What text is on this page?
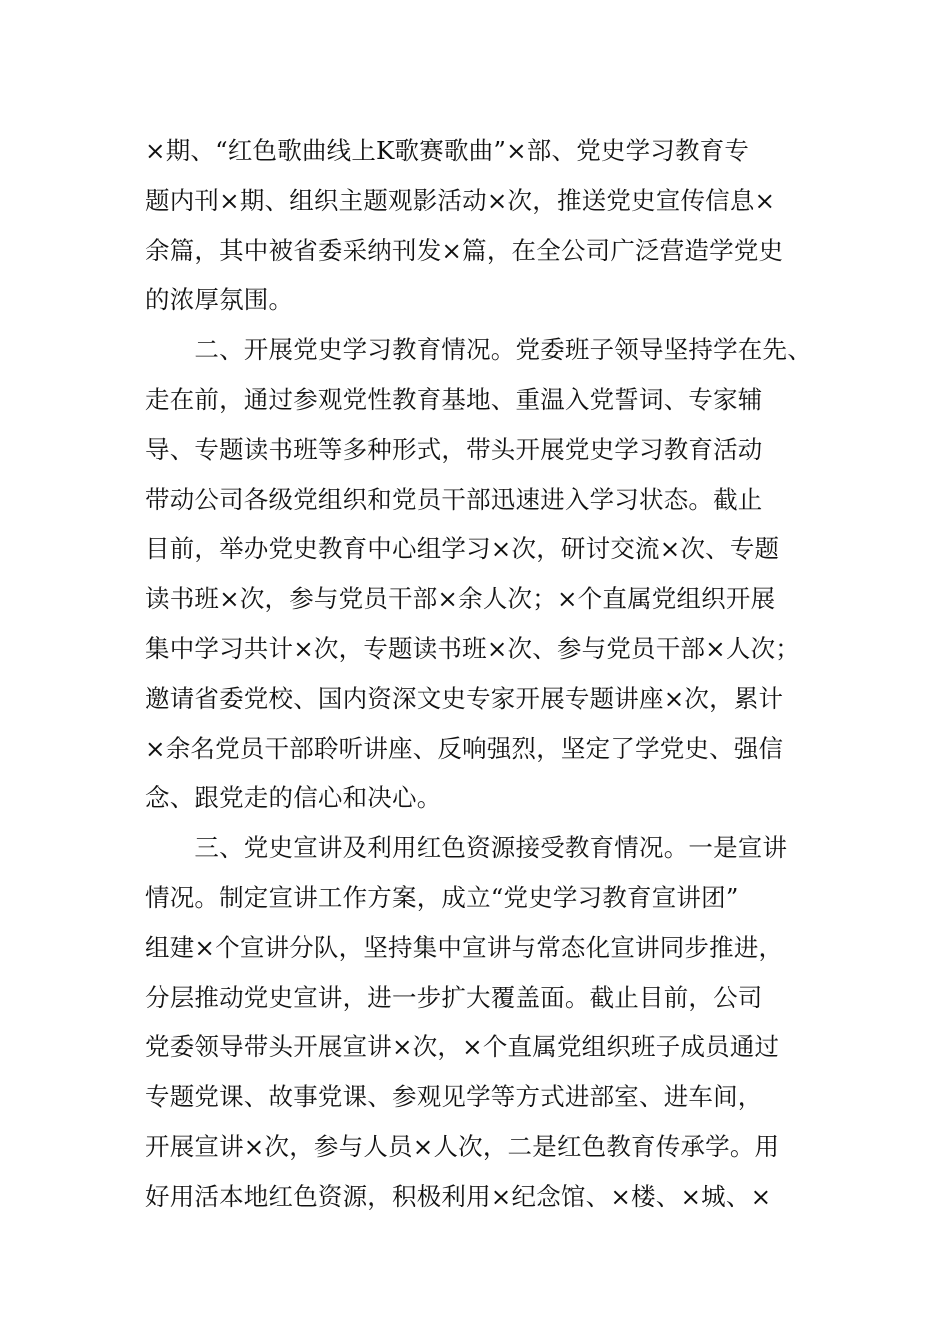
×期、“红色歌曲线上K歌赛歌曲”×部、党史学习教育专
题内刊×期、组织主题观影活动×次，推送党史宣传信息×
余篇，其中被省委采纳刊发×篇，在全公司广泛营造学党史
的浓厚氛围。
　　二、开展党史学习教育情况。党委班子领导坚持学在先、
走在前，通过参观党性教育基地、重温入党誓词、专家辅
导、专题读书班等多种形式，带头开展党史学习教育活动
带动公司各级党组织和党员干部迅速进入学习状态。截止
目前，举办党史教育中心组学习×次，研讨交流×次、专题
读书班×次，参与党员干部×余人次；×个直属党组织开展
集中学习共计×次，专题读书班×次、参与党员干部×人次；
邀请省委党校、国内资深文史专家开展专题讲座×次，累计
×余名党员干部聆听讲座、反响强烈，坚定了学党史、强信
念、跟党走的信心和决心。
　　三、党史宣讲及利用红色资源接受教育情况。一是宣讲
情况。制定宣讲工作方案，成立“党史学习教育宣讲团”
组建×个宣讲分队，坚持集中宣讲与常态化宣讲同步推进，
分层推动党史宣讲，进一步扩大覆盖面。截止目前，公司
党委领导带头开展宣讲×次，×个直属党组织班子成员通过
专题党课、故事党课、参观见学等方式进部室、进车间，
开展宣讲×次，参与人员×人次，二是红色教育传承学。用
好用活本地红色资源，积极利用×纪念馆、×楼、×城、×
